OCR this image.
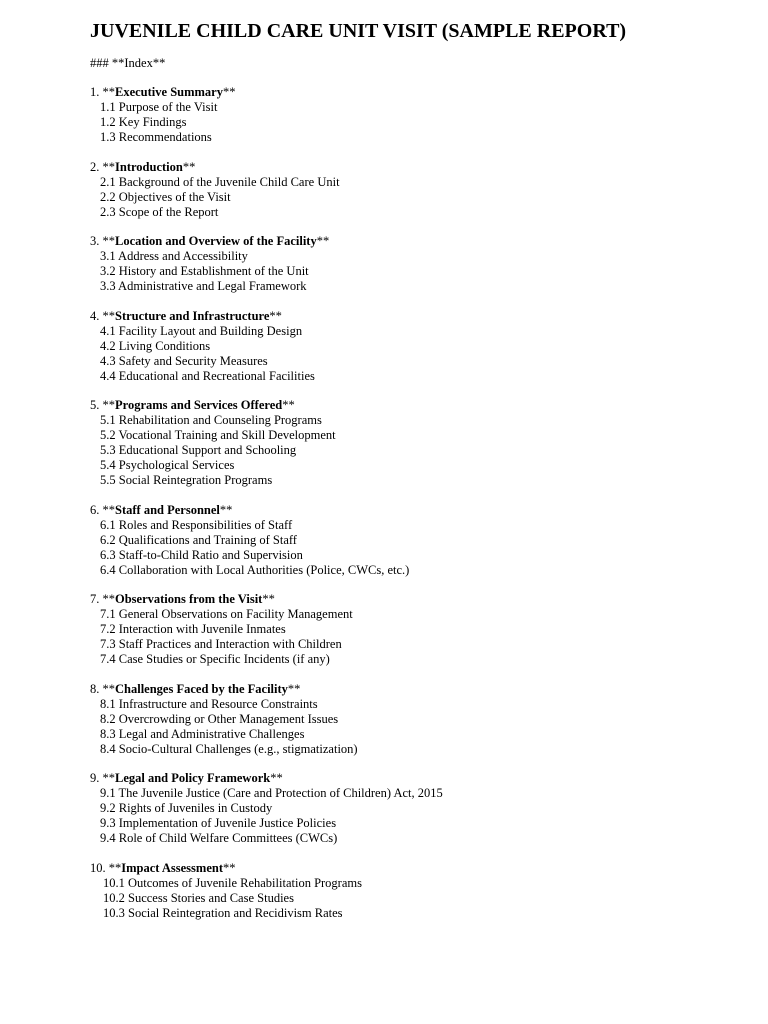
JUVENILE CHILD CARE UNIT VISIT (SAMPLE REPORT)
### **Index**
1. **Executive Summary**
1.1 Purpose of the Visit
1.2 Key Findings
1.3 Recommendations
2. **Introduction**
2.1 Background of the Juvenile Child Care Unit
2.2 Objectives of the Visit
2.3 Scope of the Report
3. **Location and Overview of the Facility**
3.1 Address and Accessibility
3.2 History and Establishment of the Unit
3.3 Administrative and Legal Framework
4. **Structure and Infrastructure**
4.1 Facility Layout and Building Design
4.2 Living Conditions
4.3 Safety and Security Measures
4.4 Educational and Recreational Facilities
5. **Programs and Services Offered**
5.1 Rehabilitation and Counseling Programs
5.2 Vocational Training and Skill Development
5.3 Educational Support and Schooling
5.4 Psychological Services
5.5 Social Reintegration Programs
6. **Staff and Personnel**
6.1 Roles and Responsibilities of Staff
6.2 Qualifications and Training of Staff
6.3 Staff-to-Child Ratio and Supervision
6.4 Collaboration with Local Authorities (Police, CWCs, etc.)
7. **Observations from the Visit**
7.1 General Observations on Facility Management
7.2 Interaction with Juvenile Inmates
7.3 Staff Practices and Interaction with Children
7.4 Case Studies or Specific Incidents (if any)
8. **Challenges Faced by the Facility**
8.1 Infrastructure and Resource Constraints
8.2 Overcrowding or Other Management Issues
8.3 Legal and Administrative Challenges
8.4 Socio-Cultural Challenges (e.g., stigmatization)
9. **Legal and Policy Framework**
9.1 The Juvenile Justice (Care and Protection of Children) Act, 2015
9.2 Rights of Juveniles in Custody
9.3 Implementation of Juvenile Justice Policies
9.4 Role of Child Welfare Committees (CWCs)
10. **Impact Assessment**
10.1 Outcomes of Juvenile Rehabilitation Programs
10.2 Success Stories and Case Studies
10.3 Social Reintegration and Recidivism Rates
